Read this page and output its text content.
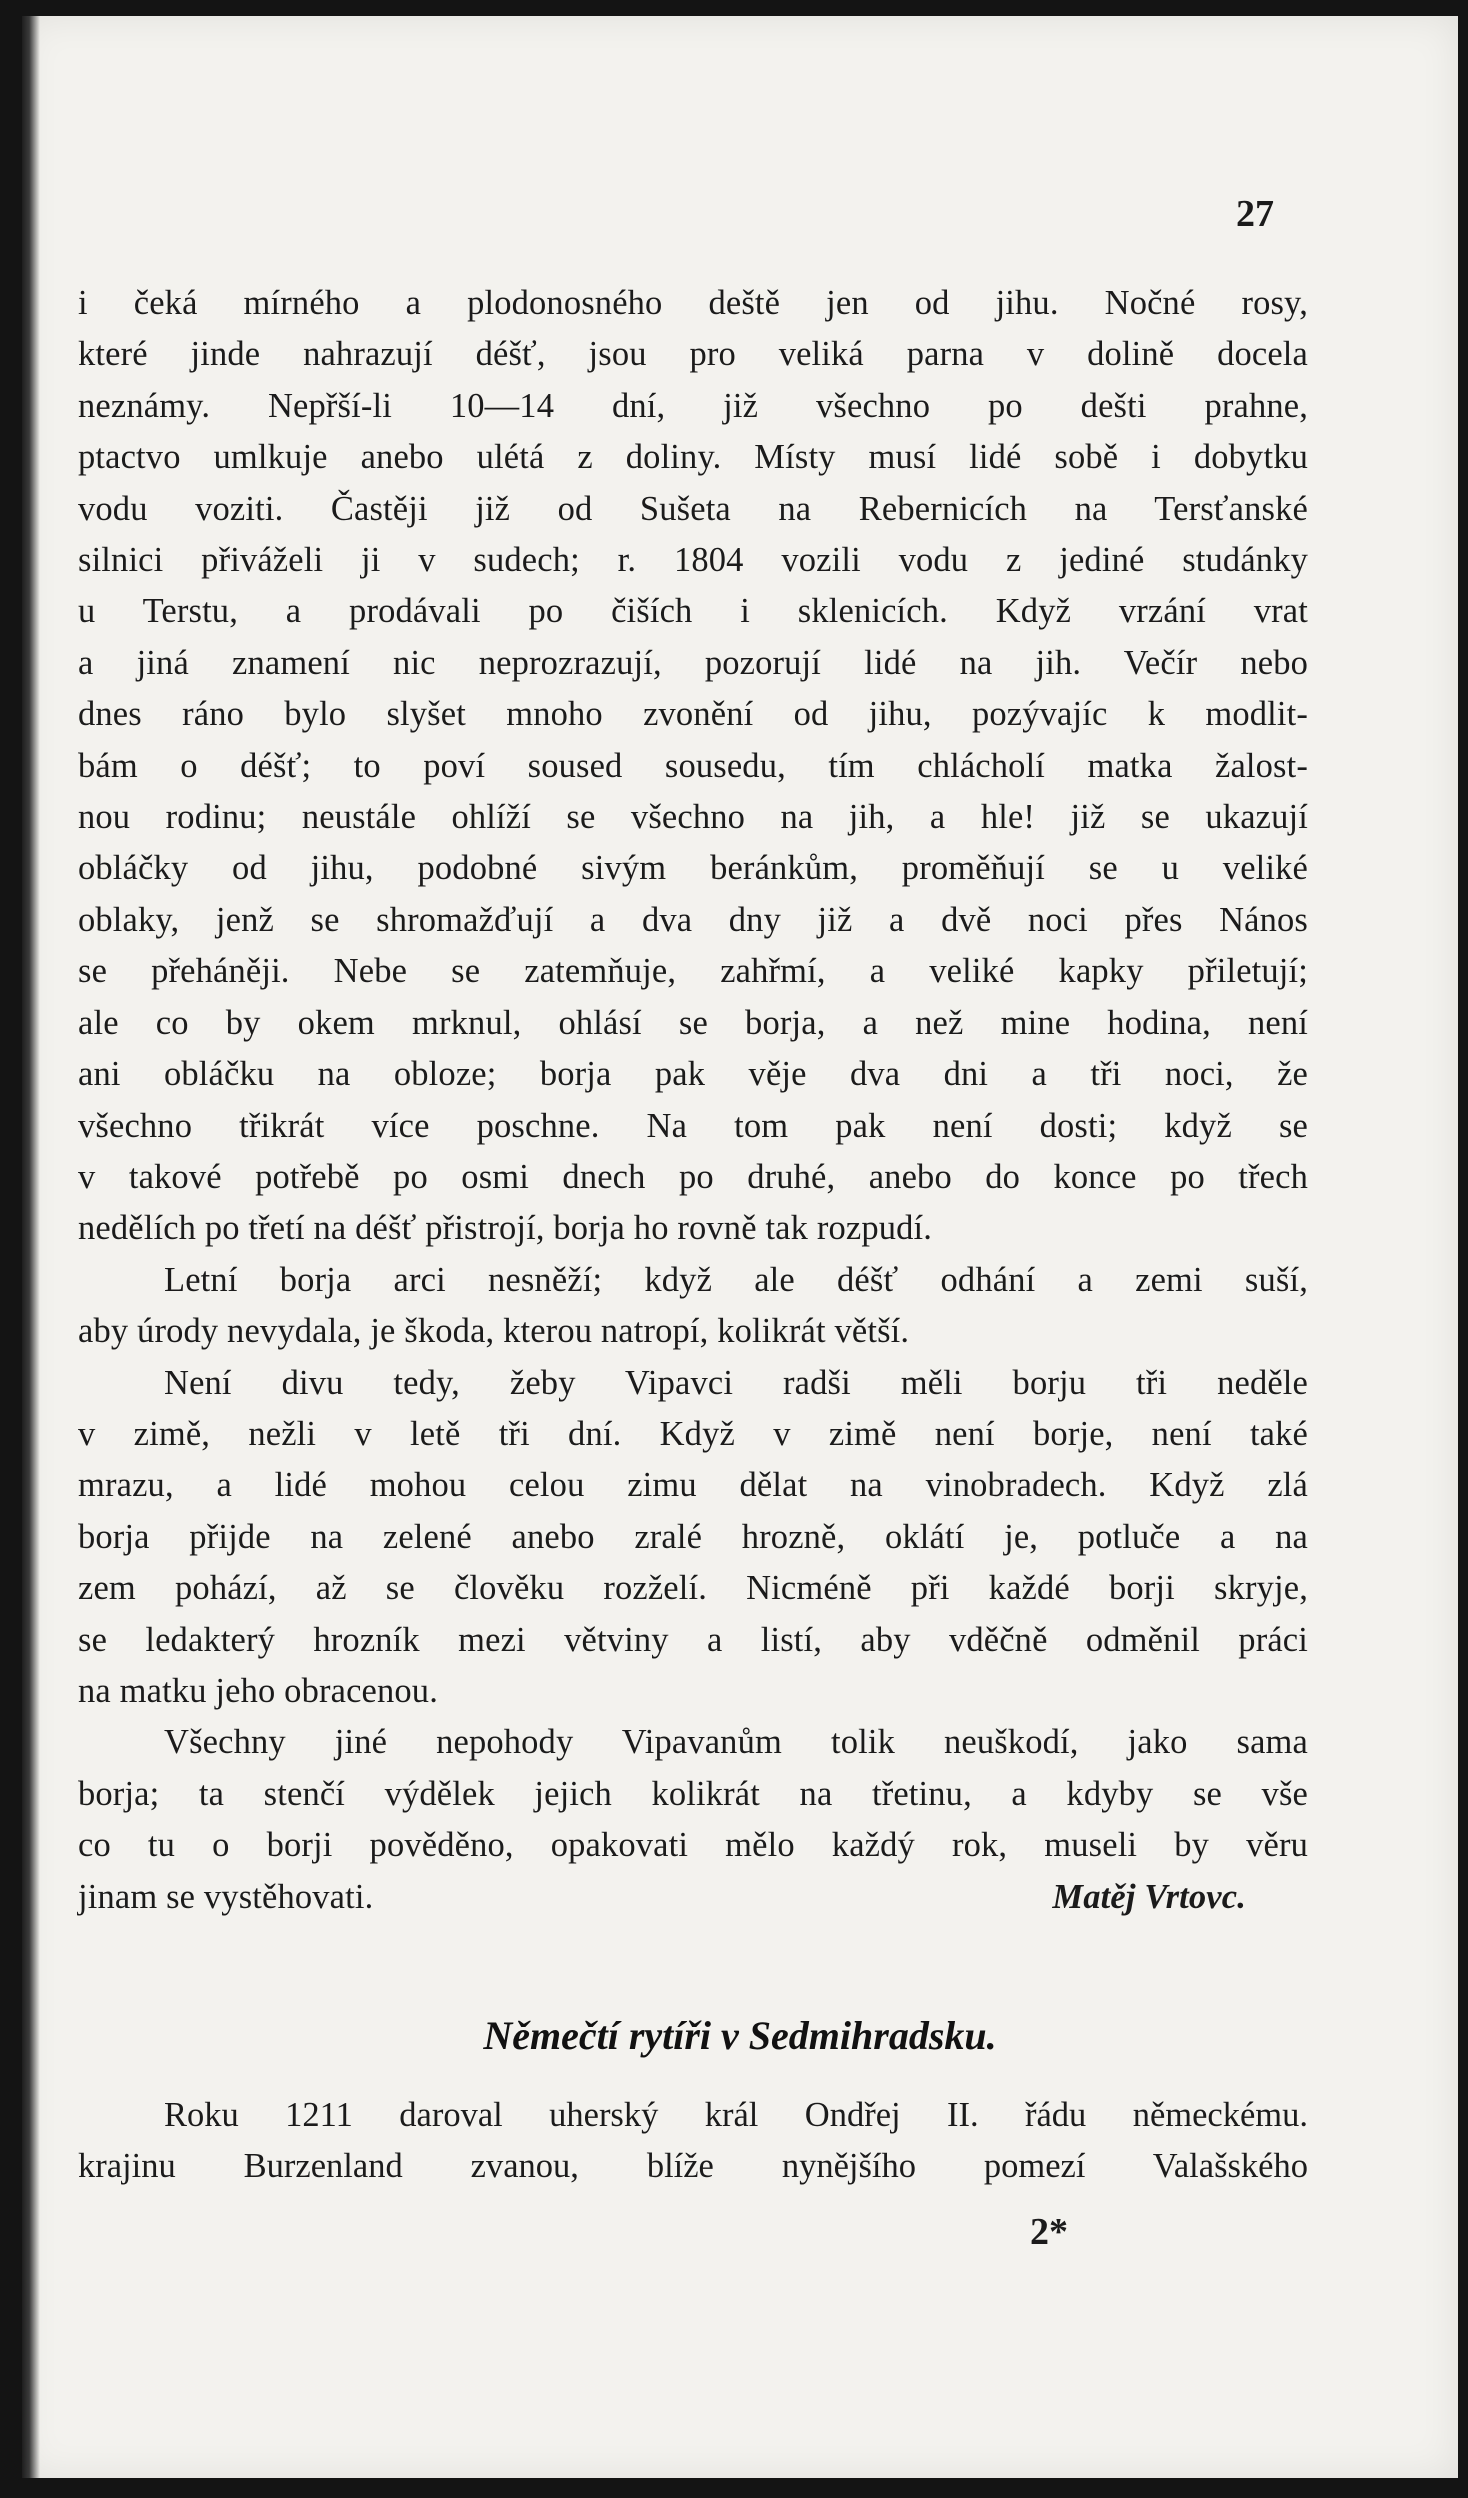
27
i čeká mírného a plodonosného deště jen od jihu. Nočné rosy,
které jinde nahrazují déšť, jsou pro veliká parna v dolině docela
neznámy. Nepřší-li 10—14 dní, již všechno po dešti prahne,
ptactvo umlkuje anebo ulétá z doliny. Místy musí lidé sobě i dobytku
vodu voziti. Častěji již od Sušeta na Rebernicích na Tersťanské
silnici přiváželi ji v sudech; r. 1804 vozili vodu z jediné studánky
u Terstu, a prodávali po čiších i sklenicích. Když vrzání vrat
a jiná znamení nic neprozrazují, pozorují lidé na jih. Večír nebo
dnes ráno bylo slyšet mnoho zvonění od jihu, pozývajíc k modlit-
bám o déšť; to poví soused sousedu, tím chlácholí matka žalost-
nou rodinu; neustále ohlíží se všechno na jih, a hle! již se ukazují
obláčky od jihu, podobné sivým beránkům, proměňují se u veliké
oblaky, jenž se shromažďují a dva dny již a dvě noci přes Nános
se přeháněji. Nebe se zatemňuje, zahřmí, a veliké kapky přiletují;
ale co by okem mrknul, ohlásí se borja, a než mine hodina, není
ani obláčku na obloze; borja pak věje dva dni a tři noci, že
všechno třikrát více poschne. Na tom pak není dosti; když se
v takové potřebě po osmi dnech po druhé, anebo do konce po třech
nedělích po třetí na déšť přistrojí, borja ho rovně tak rozpudí.
Letní borja arci nesněží; když ale déšť odhání a zemi suší,
aby úrody nevydala, je škoda, kterou natropí, kolikrát větší.
Není divu tedy, žeby Vipavci radši měli borju tři neděle
v zimě, nežli v letě tři dní. Když v zimě není borje, není také
mrazu, a lidé mohou celou zimu dělat na vinobradech. Když zlá
borja přijde na zelené anebo zralé hrozně, oklátí je, potluče a na
zem pohází, až se člověku rozželí. Nicméně při každé borji skryje,
se ledakterý hrozník mezi větviny a listí, aby vděčně odměnil práci
na matku jeho obracenou.
Všechny jiné nepohody Vipavanům tolik neuškodí, jako sama
borja; ta stenčí výdělek jejich kolikrát na třetinu, a kdyby se vše
co tu o borji pověděno, opakovati mělo každý rok, museli by věru
jinam se vystěhovati.	Matěj Vrtovc.
Němečtí rytíři v Sedmihradsku.
Roku 1211 daroval uherský král Ondřej II. řádu německému.
krajinu Burzenland zvanou, blíže nynějšího pomezí Valašského
2*
